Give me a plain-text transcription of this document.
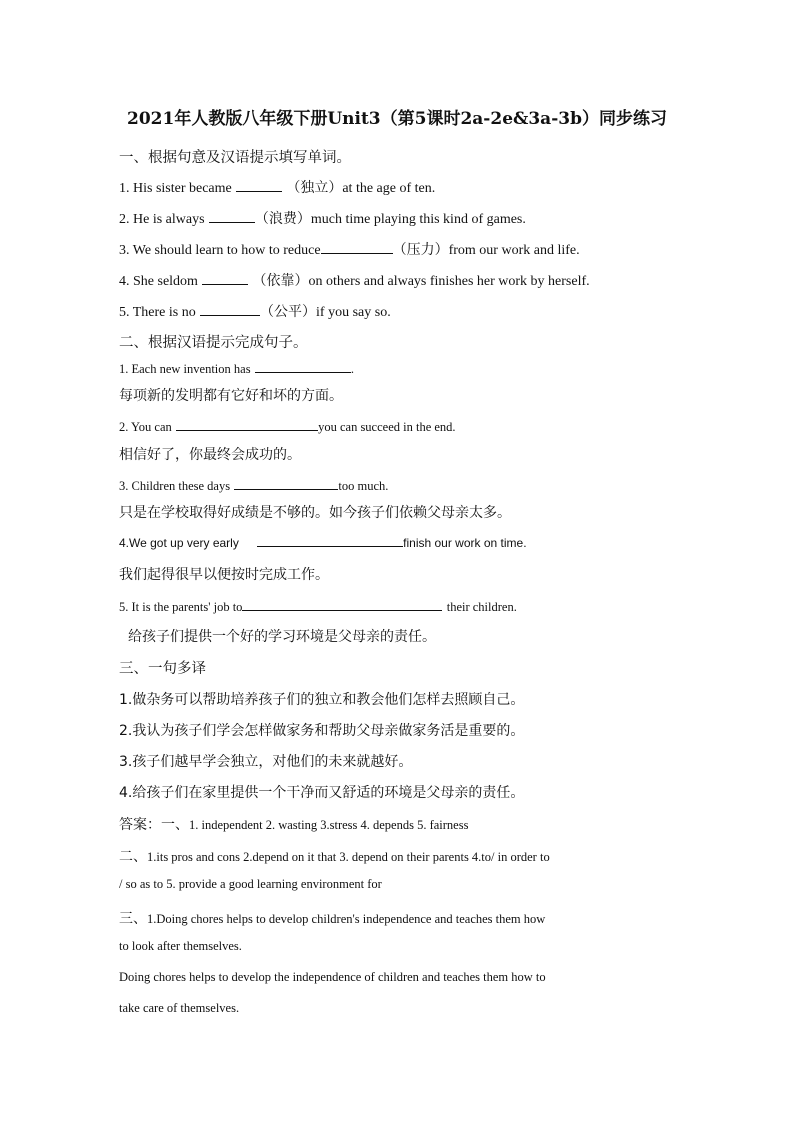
2021年人教版八年级下册Unit3（第5课时2a-2e&3a-3b）同步练习
一、根据句意及汉语提示填写单词。
1. His sister became	（独立）at the age of ten.
2. He is always	（浪费）much time playing this kind of games.
3. We should learn to how to reduce	（压力）from our work and life.
4. She seldom	（依靠）on others and always finishes her work by herself.
5. There is no	（公平）if you say so.
二、根据汉语提示完成句子。
1. Each new invention has	.
每项新的发明都有它好和坏的方面。
2. You can	you can succeed in the end.
相信好了，你最终会成功的。
3. Children these days	too much.
只是在学校取得好成绩是不够的。如今孩子们依赖父母亲太多。
4.We got up very early	finish our work on time.
我们起得很早以便按时完成工作。
5. It is the parents' job to	their children.
给孩子们提供一个好的学习环境是父母亲的责任。
三、一句多译
1.做杂务可以帮助培养孩子们的独立和教会他们怎样去照顾自己。
2.我认为孩子们学会怎样做家务和帮助父母亲做家务活是重要的。
3.孩子们越早学会独立，对他们的未来就越好。
4.给孩子们在家里提供一个干净而又舒适的环境是父母亲的责任。
答案：一、1. independent 2. wasting 3.stress 4. depends 5. fairness
二、1.its pros and cons 2.depend on it that 3. depend on their parents 4.to/ in order to
/ so as to 5. provide a good learning environment for
三、1.Doing chores helps to develop children's independence and teaches them how
to look after themselves.
Doing chores helps to develop the independence of children and teaches them how to
take care of themselves.
